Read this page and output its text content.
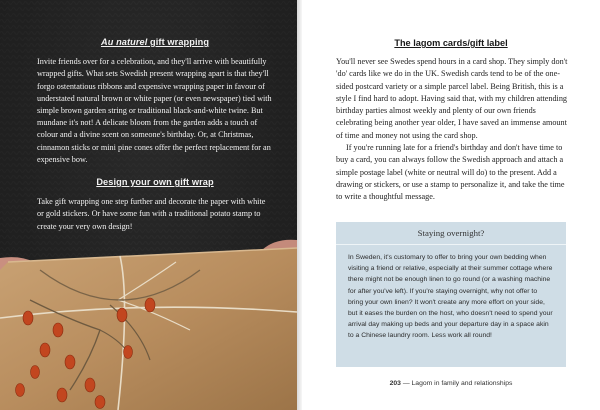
Au naturel gift wrapping

Invite friends over for a celebration, and they'll arrive with beautifully wrapped gifts. What sets Swedish present wrapping apart is that they'll forgo ostentatious ribbons and expensive wrapping paper in favour of understated natural brown or white paper (or even newspaper) tied with simple brown garden string or traditional black-and-white twine. But mundane it's not! A delicate bloom from the garden adds a touch of colour and a divine scent on someone's birthday. Or, at Christmas, cinnamon sticks or mini pine cones offer the perfect replacement for an expensive bow.

Design your own gift wrap

Take gift wrapping one step further and decorate the paper with white or gold stickers. Or have some fun with a traditional potato stamp to create your very own design!

The lagom cards/gift label

You'll never see Swedes spend hours in a card shop. They simply don't 'do' cards like we do in the UK. Swedish cards tend to be of the one-sided postcard variety or a simple parcel label. Being British, this is a style I find hard to adopt. Having said that, with my children attending birthday parties almost weekly and plenty of our own friends celebrating being another year older, I have saved an immense amount of time and money not using the card shop.

If you're running late for a friend's birthday and don't have time to buy a card, you can always follow the Swedish approach and attach a simple postage label (white or neutral will do) to the present. Add a drawing or stickers, or use a stamp to personalize it, and take the time to write a thoughtful message.

Staying overnight?
In Sweden, it's customary to offer to bring your own bedding when visiting a friend or relative, especially at their summer cottage where there might not be enough linen to go round (or a washing machine for after you've left). If you're staying overnight, why not offer to bring your own linen? It won't create any more effort on your side, but it eases the burden on the host, who doesn't need to spend your arrival day making up beds and your departure day in a space akin to a Chinese laundry room. Less work all round!
203 — Lagom in family and relationships
